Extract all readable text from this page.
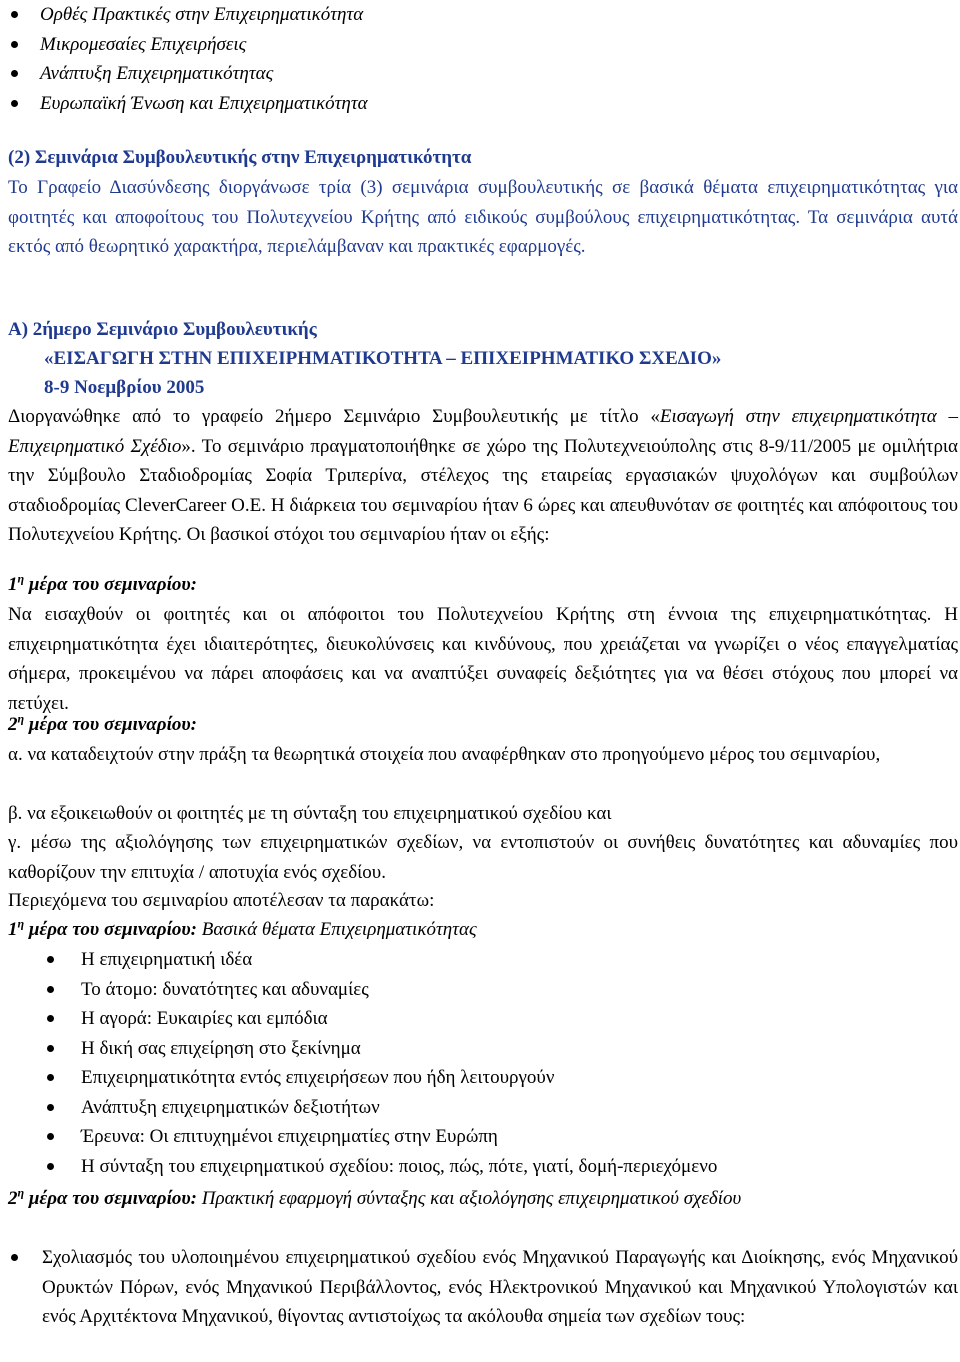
Ορθές Πρακτικές στην Επιχειρηματικότητα
Μικρομεσαίες Επιχειρήσεις
Ανάπτυξη Επιχειρηματικότητας
Ευρωπαϊκή Ένωση και Επιχειρηματικότητα
(2) Σεμινάρια Συμβουλευτικής στην Επιχειρηματικότητα
Το Γραφείο Διασύνδεσης διοργάνωσε τρία (3) σεμινάρια συμβουλευτικής σε βασικά θέματα επιχειρηματικότητας για φοιτητές και αποφοίτους του Πολυτεχνείου Κρήτης από ειδικούς συμβούλους επιχειρηματικότητας. Τα σεμινάρια αυτά εκτός από θεωρητικό χαρακτήρα, περιελάμβαναν και πρακτικές εφαρμογές.
Α) 2ήμερο Σεμινάριο Συμβουλευτικής
«ΕΙΣΑΓΩΓΗ ΣΤΗΝ ΕΠΙΧΕΙΡΗΜΑΤΙΚΟΤΗΤΑ – ΕΠΙΧΕΙΡΗΜΑΤΙΚΟ ΣΧΕΔΙΟ»
8-9 Νοεμβρίου 2005
Διοργανώθηκε από το γραφείο 2ήμερο Σεμινάριο Συμβουλευτικής με τίτλο «Εισαγωγή στην επιχειρηματικότητα – Επιχειρηματικό Σχέδιο». Το σεμινάριο πραγματοποιήθηκε σε χώρο της Πολυτεχνειούπολης στις 8-9/11/2005 με ομιλήτρια την Σύμβουλο Σταδιοδρομίας Σοφία Τριπερίνα, στέλεχος της εταιρείας εργασιακών ψυχολόγων και συμβούλων σταδιοδρομίας CleverCareer O.E. Η διάρκεια του σεμιναρίου ήταν 6 ώρες και απευθυνόταν σε φοιτητές και απόφοιτους του Πολυτεχνείου Κρήτης. Οι βασικοί στόχοι του σεμιναρίου ήταν οι εξής:
$1^\eta$ μέρα του σεμιναρίου:
Να εισαχθούν οι φοιτητές και οι απόφοιτοι του Πολυτεχνείου Κρήτης στη έννοια της επιχειρηματικότητας. Η επιχειρηματικότητα έχει ιδιαιτερότητες, διευκολύνσεις και κινδύνους, που χρειάζεται να γνωρίζει ο νέος επαγγελματίας σήμερα, προκειμένου να πάρει αποφάσεις και να αναπτύξει συναφείς δεξιότητες για να θέσει στόχους που μπορεί να πετύχει.
$2^\eta$ μέρα του σεμιναρίου:
α. να καταδειχτούν στην πράξη τα θεωρητικά στοιχεία που αναφέρθηκαν στο προηγούμενο μέρος του σεμιναρίου,
β. να εξοικειωθούν οι φοιτητές με τη σύνταξη του επιχειρηματικού σχεδίου και
γ. μέσω της αξιολόγησης των επιχειρηματικών σχεδίων, να εντοπιστούν οι συνήθεις δυνατότητες και αδυναμίες που καθορίζουν την επιτυχία / αποτυχία ενός σχεδίου.
Περιεχόμενα του σεμιναρίου αποτέλεσαν τα παρακάτω:
$1^\eta$ μέρα του σεμιναρίου: Βασικά θέματα Επιχειρηματικότητας
Η επιχειρηματική ιδέα
Το άτομο: δυνατότητες και αδυναμίες
Η αγορά: Ευκαιρίες και εμπόδια
Η δική σας επιχείρηση στο ξεκίνημα
Επιχειρηματικότητα εντός επιχειρήσεων που ήδη λειτουργούν
Ανάπτυξη επιχειρηματικών δεξιοτήτων
Έρευνα: Οι επιτυχημένοι επιχειρηματίες στην Ευρώπη
Η σύνταξη του επιχειρηματικού σχεδίου: ποιος, πώς, πότε, γιατί, δομή-περιεχόμενο
$2^\eta$ μέρα του σεμιναρίου: Πρακτική εφαρμογή σύνταξης και αξιολόγησης επιχειρηματικού σχεδίου
Σχολιασμός του υλοποιημένου επιχειρηματικού σχεδίου ενός Μηχανικού Παραγωγής και Διοίκησης, ενός Μηχανικού Ορυκτών Πόρων, ενός Μηχανικού Περιβάλλοντος, ενός Ηλεκτρονικού Μηχανικού και Μηχανικού Υπολογιστών και ενός Αρχιτέκτονα Μηχανικού, θίγοντας αντιστοίχως τα ακόλουθα σημεία των σχεδίων τους:
